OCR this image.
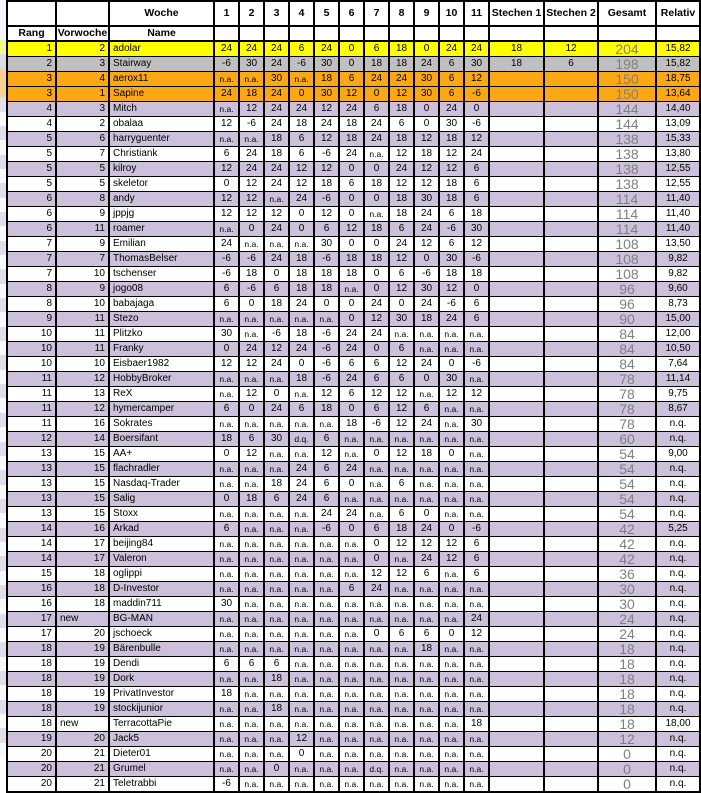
		Woche	1	2	3	4	5	6	7	8	9	10	11	Stechen 1	Stechen 2	Gesamt	Relativ
Rang	Vorwoche	Name															
1	2	adolar	24	24	24	6	24	0	6	18	0	24	24	18	12	204	15,82
2	3	Stairway	-6	30	24	-6	30	0	18	18	24	6	30	18	6	198	15,82
3	4	aerox11	n.a.	n.a.	30	n.a.	18	6	24	24	30	6	12			150	18,75
3	1	Sapine	24	18	24	0	30	12	0	12	30	6	-6			150	13,64
4	3	Mitch	n.a.	12	24	24	12	24	6	18	0	24	0			144	14,40
4	2	obalaa	12	-6	24	18	24	18	24	6	0	30	-6			144	13,09
5	6	harryguenter	n.a.	n.a.	18	6	12	18	24	18	12	18	12			138	15,33
5	7	Christiank	6	24	18	6	-6	24	n.a.	12	18	12	24			138	13,80
5	5	kilroy	12	24	24	12	12	0	0	24	12	12	6			138	12,55
5	5	skeletor	0	12	24	12	18	6	18	12	12	18	6			138	12,55
6	8	andy	12	12	n.a.	24	-6	0	0	18	30	18	6			114	11,40
6	9	jppjg	12	12	12	0	12	0	n.a.	18	24	6	18			114	11,40
6	11	roamer	n.a.	0	24	0	6	12	18	6	24	-6	30			114	11,40
7	9	Emilian	24	n.a.	n.a.	n.a.	30	0	0	24	12	6	12			108	13,50
7	7	ThomasBelser	-6	-6	24	18	-6	18	18	12	0	30	-6			108	9,82
7	10	tschenser	-6	18	0	18	18	18	0	6	-6	18	18			108	9,82
8	9	jogo08	6	-6	6	18	18	n.a.	0	12	30	12	0			96	9,60
8	10	babajaga	6	0	18	24	0	0	24	0	24	-6	6			96	8,73
9	11	Stezo	n.a.	n.a.	n.a.	n.a.	n.a.	0	12	30	18	24	6			90	15,00
10	11	Plitzko	30	n.a.	-6	18	-6	24	24	n.a.	n.a.	n.a.	n.a.			84	12,00
10	11	Franky	0	24	12	24	-6	24	0	6	n.a.	n.a.	n.a.			84	10,50
10	10	Eisbaer1982	12	12	24	0	-6	6	6	12	24	0	-6			84	7,64
11	12	HobbyBroker	n.a.	n.a.	n.a.	18	-6	24	6	6	0	30	n.a.			78	11,14
11	13	ReX	n.a.	12	0	n.a.	12	6	12	12	n.a.	12	12			78	9,75
11	12	hymercamper	6	0	24	6	18	0	6	12	6	n.a.	n.a.			78	8,67
11	16	Sokrates	n.a.	n.a.	n.a.	n.a.	n.a.	18	-6	12	24	n.a.	30			78	n.q.
12	14	Boersifant	18	6	30	d.q.	6	n.a.	n.a.	n.a.	n.a.	n.a.	n.a.			60	n.q.
13	15	AA+	0	12	n.a.	n.a.	12	n.a.	0	12	18	0	n.a.			54	9,00
13	15	flachradler	n.a.	n.a.	n.a.	24	6	24	n.a.	n.a.	n.a.	n.a.	n.a.			54	n.q.
13	15	Nasdaq-Trader	n.a.	n.a.	18	24	6	0	n.a.	6	n.a.	n.a.	n.a.			54	n.q.
13	15	Salig	0	18	6	24	6	n.a.	n.a.	n.a.	n.a.	n.a.	n.a.			54	n.q.
13	15	Stoxx	n.a.	n.a.	n.a.	n.a.	24	24	n.a.	6	0	n.a.	n.a.			54	n.q.
14	16	Arkad	6	n.a.	n.a.	n.a.	-6	0	6	18	24	0	-6			42	5,25
14	17	beijing84	n.a.	n.a.	n.a.	n.a.	n.a.	n.a.	0	12	12	12	6			42	n.q.
14	17	Valeron	n.a.	n.a.	n.a.	n.a.	n.a.	n.a.	0	n.a.	24	12	6			42	n.q.
15	18	oglippi	n.a.	n.a.	n.a.	n.a.	n.a.	n.a.	12	12	6	n.a.	6			36	n.q.
16	18	D-Investor	n.a.	n.a.	n.a.	n.a.	n.a.	6	24	n.a.	n.a.	n.a.	n.a.			30	n.q.
16	18	maddin711	30	n.a.	n.a.	n.a.	n.a.	n.a.	n.a.	n.a.	n.a.	n.a.	n.a.			30	n.q.
17	new	BG-MAN	n.a.	n.a.	n.a.	n.a.	n.a.	n.a.	n.a.	n.a.	n.a.	n.a.	24			24	n.q.
17	20	jschoeck	n.a.	n.a.	n.a.	n.a.	n.a.	n.a.	0	6	6	0	12			24	n.q.
18	19	Bärenbulle	n.a.	n.a.	n.a.	n.a.	n.a.	n.a.	n.a.	n.a.	18	n.a.	n.a.			18	n.q.
18	19	Dendi	6	6	6	n.a.	n.a.	n.a.	n.a.	n.a.	n.a.	n.a.	n.a.			18	n.q.
18	19	Dork	n.a.	n.a.	18	n.a.	n.a.	n.a.	n.a.	n.a.	n.a.	n.a.	n.a.			18	n.q.
18	19	PrivatInvestor	18	n.a.	n.a.	n.a.	n.a.	n.a.	n.a.	n.a.	n.a.	n.a.	n.a.			18	n.q.
18	19	stockijunior	n.a.	n.a.	18	n.a.	n.a.	n.a.	n.a.	n.a.	n.a.	n.a.	n.a.			18	n.q.
18	new	TerracottaPie	n.a.	n.a.	n.a.	n.a.	n.a.	n.a.	n.a.	n.a.	n.a.	n.a.	18			18	18,00
19	20	Jack5	n.a.	n.a.	n.a.	12	n.a.	n.a.	n.a.	n.a.	n.a.	n.a.	n.a.			12	n.q.
20	21	Dieter01	n.a.	n.a.	n.a.	0	n.a.	n.a.	n.a.	n.a.	n.a.	n.a.	n.a.			0	n.q.
20	21	Grumel	n.a.	n.a.	0	n.a.	n.a.	n.a.	d.q.	n.a.	n.a.	n.a.	n.a.			0	n.q.
20	21	Teletrabbi	-6	n.a.	n.a.	n.a.	n.a.	n.a.	n.a.	n.a.	n.a.	n.a.	n.a.			0	n.q.
